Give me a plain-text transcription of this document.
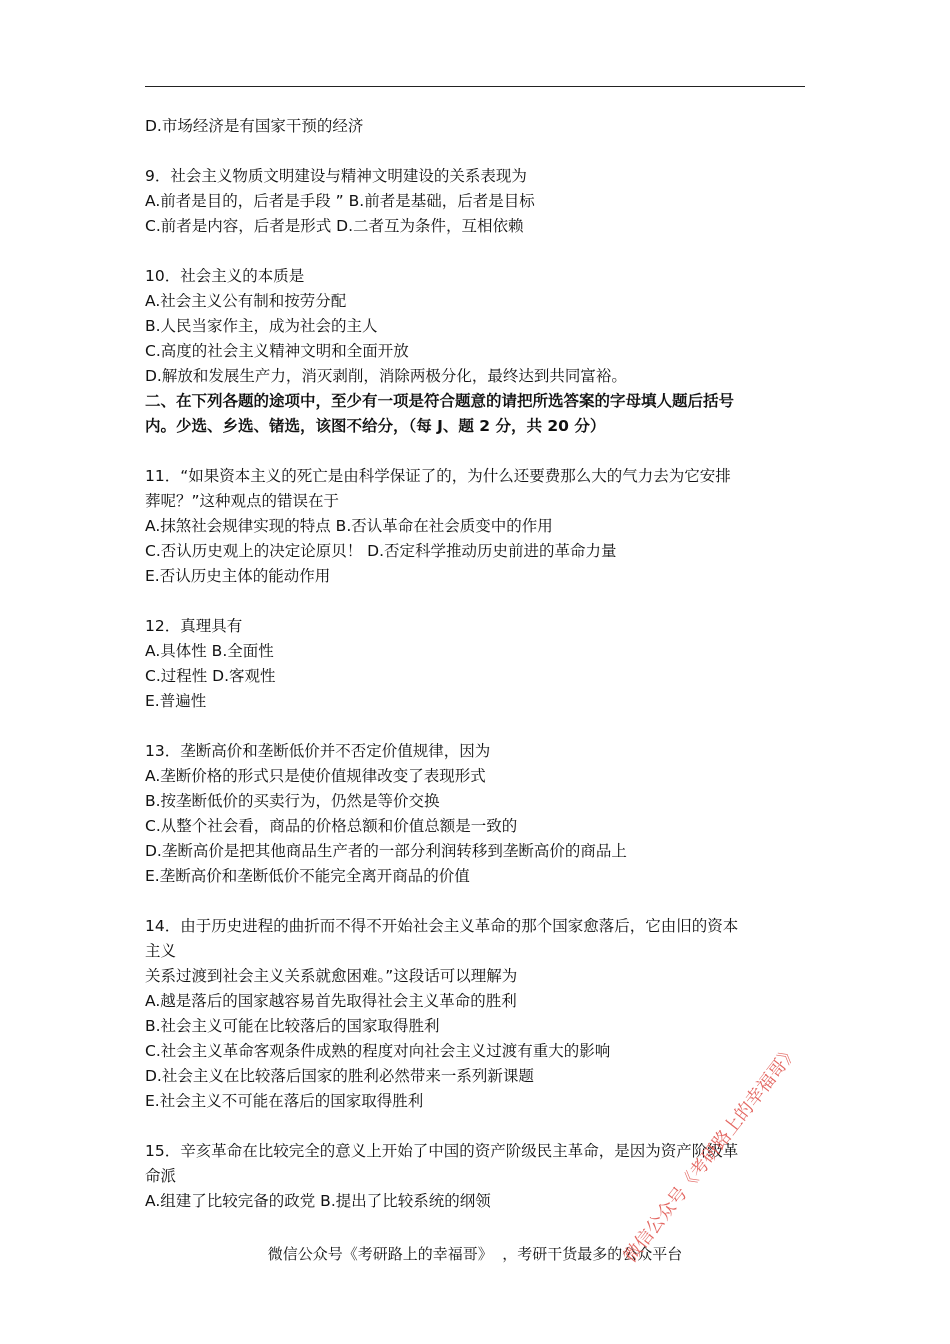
D.市场经济是有国家干预的经济
9．社会主义物质文明建设与精神文明建设的关系表现为
A.前者是目的，后者是手段 ” B.前者是基础，后者是目标
C.前者是内容，后者是形式 D.二者互为条件，互相依赖
10．社会主义的本质是
A.社会主义公有制和按劳分配
B.人民当家作主，成为社会的主人
C.高度的社会主义精神文明和全面开放
D.解放和发展生产力，消灭剥削，消除两极分化，最终达到共同富裕。
二、在下列各题的途项中，至少有一项是符合题意的请把所选答案的字母填人题后括号
内。少选、乡选、锗选，该图不给分，（每 J、题 2 分，共 20 分）
11．“如果资本主义的死亡是由科学保证了的，为什么还要费那么大的气力去为它安排
葬呢？”这种观点的错误在于
A.抹煞社会规律实现的特点 B.否认革命在社会质变中的作用
C.否认历史观上的决定论原贝！ D.否定科学推动历史前进的革命力量
E.否认历史主体的能动作用
12．真理具有
A.具体性 B.全面性
C.过程性 D.客观性
E.普遍性
13．垄断高价和垄断低价并不否定价值规律，因为
A.垄断价格的形式只是使价值规律改变了表现形式
B.按垄断低价的买卖行为，仍然是等价交换
C.从整个社会看，商品的价格总额和价值总额是一致的
D.垄断高价是把其他商品生产者的一部分利润转移到垄断高价的商品上
E.垄断高价和垄断低价不能完全离开商品的价值
14．由于历史进程的曲折而不得不开始社会主义革命的那个国家愈落后，它由旧的资本
主义
关系过渡到社会主义关系就愈困难。”这段话可以理解为
A.越是落后的国家越容易首先取得社会主义革命的胜利
B.社会主义可能在比较落后的国家取得胜利
C.社会主义革命客观条件成熟的程度对向社会主义过渡有重大的影响
D.社会主义在比较落后国家的胜利必然带来一系列新课题
E.社会主义不可能在落后的国家取得胜利
15．辛亥革命在比较完全的意义上开始了中国的资产阶级民主革命，是因为资产阶级革
命派
A.组建了比较完备的政党 B.提出了比较系统的纲领
微信公众号《考研路上的幸福哥》  ，考研干货最多的公众平台
微信公众号《考研路上的幸福哥》
